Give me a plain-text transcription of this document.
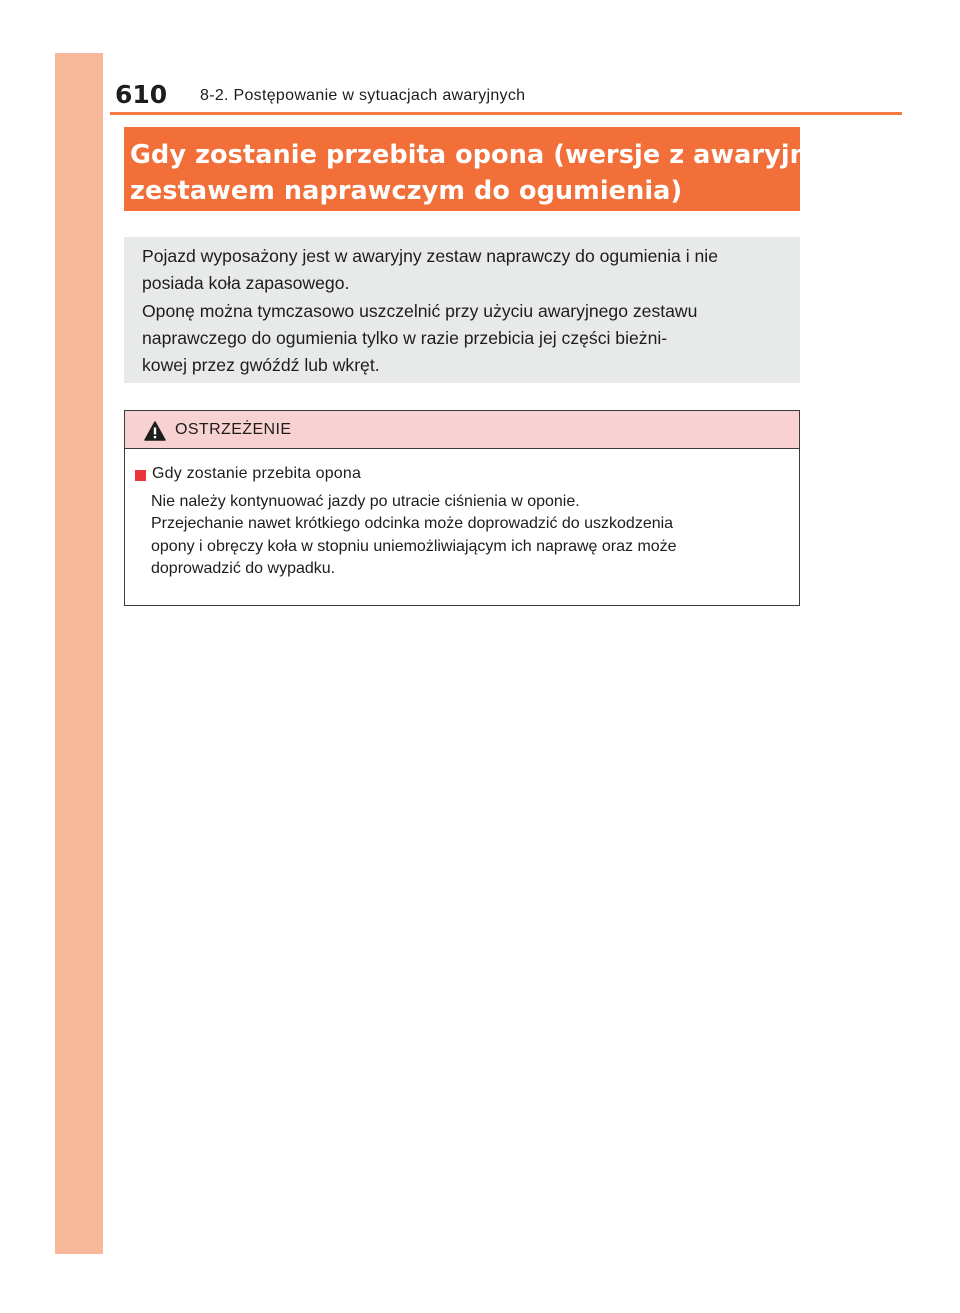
610 8-2. Postępowanie w sytuacjach awaryjnych
Gdy zostanie przebita opona (wersje z awaryjnym
zestawem naprawczym do ogumienia)

Pojazd wyposażony jest w awaryjny zestaw naprawczy do ogumienia i nie
posiada koła zapasowego.

Oponę można tymczasowo uszczelnić przy użyciu awaryjnego zestawu
naprawczego do ogumienia tylko w razie przebicia jej części bieżni-
kowej przez gwóźdź lub wkręt.

OSTRZEŻENIE
Gdy zostanie przebita opona

Nie należy kontynuować jazdy po utracie ciśnienia w oponie.

Przejechanie nawet krótkiego odcinka może doprowadzić do uszkodzenia

opony i obręczy koła w stopniu uniemożliwiającym ich naprawę oraz może

doprowadzić do wypadku.
